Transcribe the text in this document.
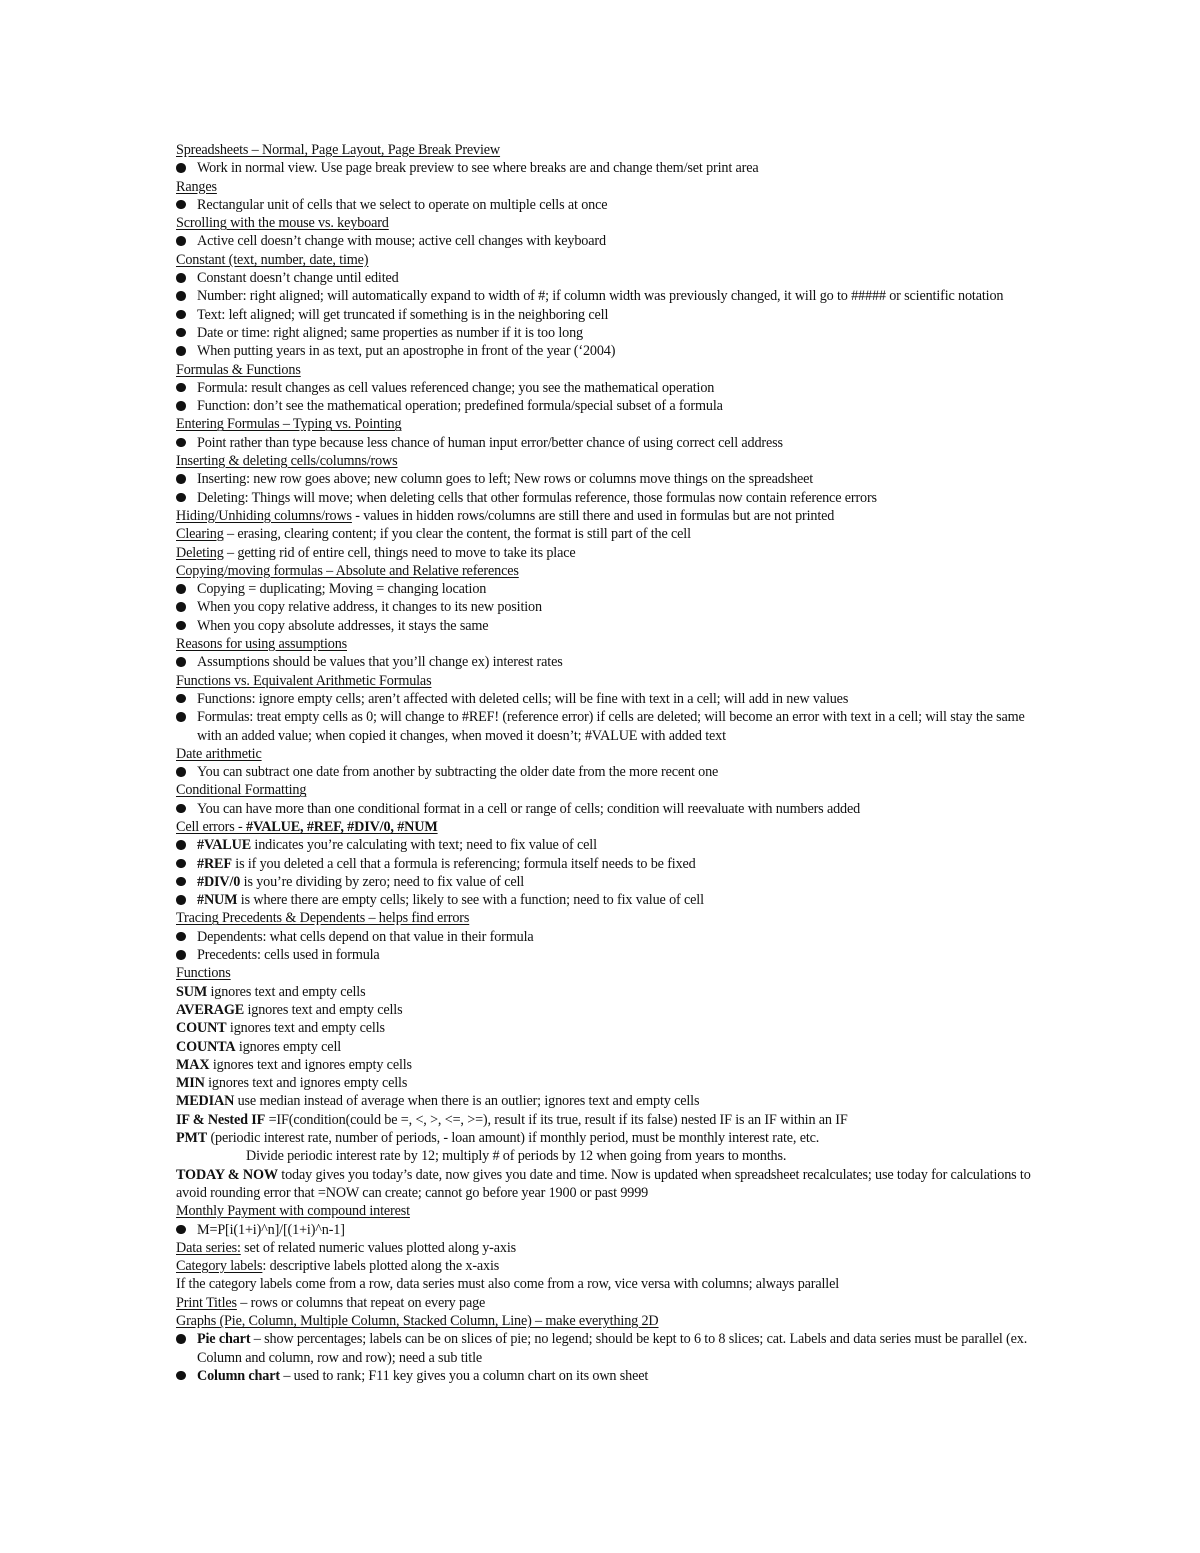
Spreadsheets – Normal, Page Layout, Page Break Preview
Work in normal view. Use page break preview to see where breaks are and change them/set print area
Ranges
Rectangular unit of cells that we select to operate on multiple cells at once
Scrolling with the mouse vs. keyboard
Active cell doesn’t change with mouse; active cell changes with keyboard
Constant (text, number, date, time)
Constant doesn’t change until edited
Number: right aligned; will automatically expand to width of #; if column width was previously changed, it will go to ##### or scientific notation
Text: left aligned; will get truncated if something is in the neighboring cell
Date or time: right aligned; same properties as number if it is too long
When putting years in as text, put an apostrophe in front of the year (‘2004)
Formulas & Functions
Formula: result changes as cell values referenced change; you see the mathematical operation
Function: don’t see the mathematical operation; predefined formula/special subset of a formula
Entering Formulas – Typing vs. Pointing
Point rather than type because less chance of human input error/better chance of using correct cell address
Inserting & deleting cells/columns/rows
Inserting: new row goes above; new column goes to left; New rows or columns move things on the spreadsheet
Deleting: Things will move; when deleting cells that other formulas reference, those formulas now contain reference errors
Hiding/Unhiding columns/rows - values in hidden rows/columns are still there and used in formulas but are not printed
Clearing – erasing, clearing content; if you clear the content, the format is still part of the cell
Deleting – getting rid of entire cell, things need to move to take its place
Copying/moving formulas – Absolute and Relative references
Copying = duplicating; Moving = changing location
When you copy relative address, it changes to its new position
When you copy absolute addresses, it stays the same
Reasons for using assumptions
Assumptions should be values that you’ll change ex) interest rates
Functions vs. Equivalent Arithmetic Formulas
Functions: ignore empty cells; aren’t affected with deleted cells; will be fine with text in a cell; will add in new values
Formulas: treat empty cells as 0; will change to #REF! (reference error) if cells are deleted; will become an error with text in a cell; will stay the same with an added value; when copied it changes, when moved it doesn’t; #VALUE with added text
Date arithmetic
You can subtract one date from another by subtracting the older date from the more recent one
Conditional Formatting
You can have more than one conditional format in a cell or range of cells; condition will reevaluate with numbers added
Cell errors - #VALUE, #REF, #DIV/0, #NUM
#VALUE indicates you’re calculating with text; need to fix value of cell
#REF is if you deleted a cell that a formula is referencing; formula itself needs to be fixed
#DIV/0 is you’re dividing by zero; need to fix value of cell
#NUM is where there are empty cells; likely to see with a function; need to fix value of cell
Tracing Precedents & Dependents – helps find errors
Dependents: what cells depend on that value in their formula
Precedents: cells used in formula
Functions
SUM ignores text and empty cells
AVERAGE ignores text and empty cells
COUNT ignores text and empty cells
COUNTA ignores empty cell
MAX ignores text and ignores empty cells
MIN ignores text and ignores empty cells
MEDIAN use median instead of average when there is an outlier; ignores text and empty cells
IF & Nested IF =IF(condition(could be =, <, >, <=, >=), result if its true, result if its false) nested IF is an IF within an IF
PMT (periodic interest rate, number of periods, - loan amount) if monthly period, must be monthly interest rate, etc.
Divide periodic interest rate by 12; multiply # of periods by 12 when going from years to months.
TODAY & NOW today gives you today’s date, now gives you date and time. Now is updated when spreadsheet recalculates; use today for calculations to avoid rounding error that =NOW can create; cannot go before year 1900 or past 9999
Monthly Payment with compound interest
M=P[i(1+i)^n]/[(1+i)^n-1]
Data series: set of related numeric values plotted along y-axis
Category labels: descriptive labels plotted along the x-axis
If the category labels come from a row, data series must also come from a row, vice versa with columns; always parallel
Print Titles – rows or columns that repeat on every page
Graphs (Pie, Column, Multiple Column, Stacked Column, Line) – make everything 2D
Pie chart – show percentages; labels can be on slices of pie; no legend; should be kept to 6 to 8 slices; cat. Labels and data series must be parallel (ex. Column and column, row and row); need a sub title
Column chart – used to rank; F11 key gives you a column chart on its own sheet
